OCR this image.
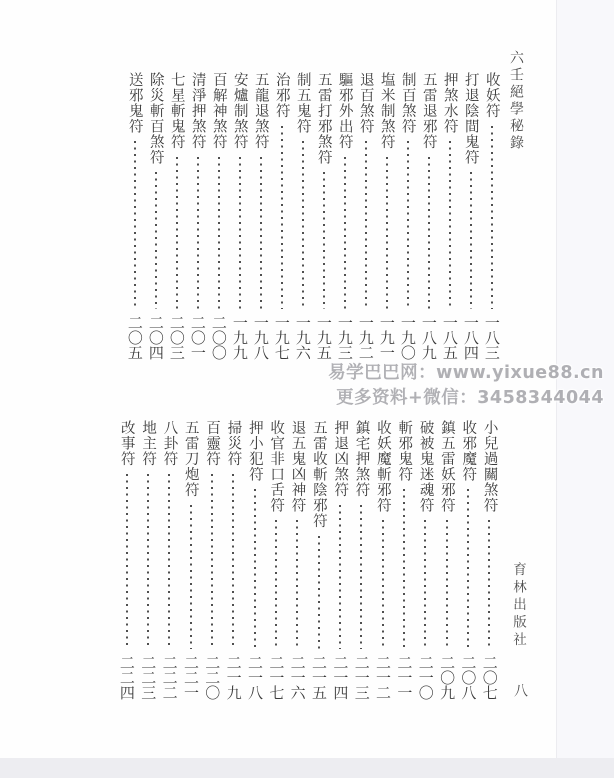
六壬絕學秘錄
收妖符
一八三
打退陰間鬼符
一八四
押煞水符
一八五
五雷退邪符
一八九
制百煞符
一九〇
塩米制煞符
一九一
退百煞符
一九二
驅邪外出符
一九三
五雷打邪煞符
一九五
制五鬼符
一九六
治邪符
一九七
五龍退煞符
一九八
安爐制煞符
一九九
百解神煞符
二〇〇
清淨押煞符
二〇一
七星斬鬼符
二〇三
除災斬百煞符
二〇四
送邪鬼符
二〇五
易学巴巴网：www.yixue88.cn
更多资料+微信：3458344044
小兒過關煞符
二〇七
收邪魔符
二〇八
鎮五雷妖邪符
二〇九
破被鬼迷魂符
二一〇
斬邪鬼符
二一一
收妖魔斬邪符
二一二
鎮宅押煞符
二一三
押退凶煞符
二一四
五雷收斬陰邪符
二一五
退五鬼凶神符
二一六
收官非口舌符
二一七
押小犯符
二一八
掃災符
二一九
百靈符
二二〇
五雷刀炮符
二二一
八卦符
二二二
地主符
二二三
改事符
二二四
育林出版社
八
